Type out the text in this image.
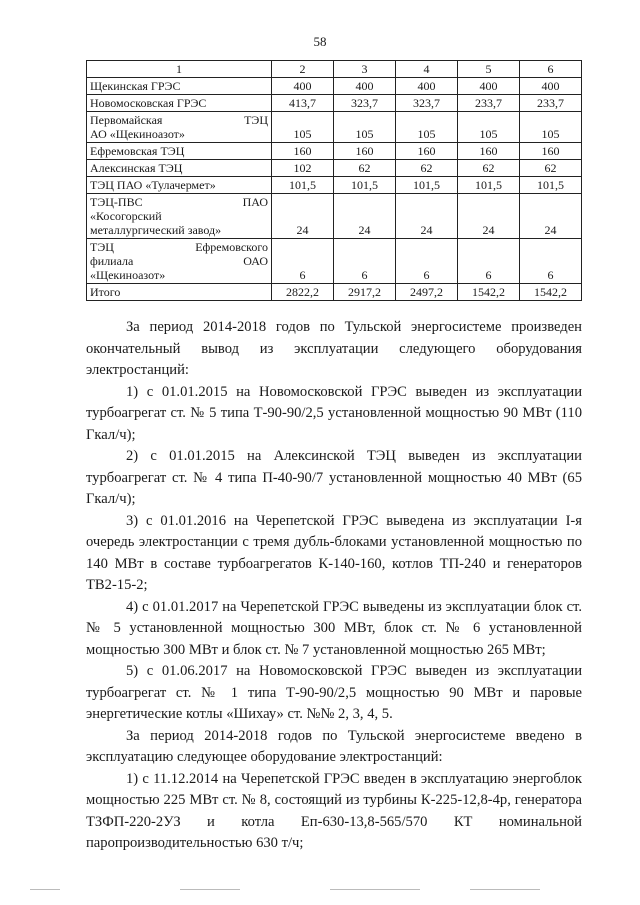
58
1	2	3	4	5	6

Щекинская ГРЭС	400	400	400	400	400

Новомосковская ГРЭС	413,7	323,7	323,7	233,7	233,7

Первомайская ТЭЦ
АО «Щекиноазот»	105	105	105	105	105

Ефремовская ТЭЦ	160	160	160	160	160

Алексинская ТЭЦ	102	62	62	62	62

ТЭЦ ПАО «Тулачермет»	101,5	101,5	101,5	101,5	101,5

ТЭЦ-ПВС ПАО
«Косогорский
металлургический завод»	24	24	24	24	24

ТЭЦ Ефремовского
филиала ОАО
«Щекиноазот»	6	6	6	6	6

Итого	2822,2	2917,2	2497,2	1542,2	1542,2

За период 2014-2018 годов по Тульской энергосистеме произведен окончательный вывод из эксплуатации следующего оборудования электростанций:

1) с 01.01.2015 на Новомосковской ГРЭС выведен из эксплуатации турбоагрегат ст. № 5 типа Т-90-90/2,5 установленной мощностью 90 МВт (110 Гкал/ч);

2) с 01.01.2015 на Алексинской ТЭЦ выведен из эксплуатации турбоагрегат ст. № 4 типа П-40-90/7 установленной мощностью 40 МВт (65 Гкал/ч);

3) с 01.01.2016 на Черепетской ГРЭС выведена из эксплуатации I-я очередь электростанции с тремя дубль-блоками установленной мощностью по 140 МВт в составе турбоагрегатов К-140-160, котлов ТП-240 и генераторов ТВ2-15-2;

4) с 01.01.2017 на Черепетской ГРЭС выведены из эксплуатации блок ст. № 5 установленной мощностью 300 МВт, блок ст. № 6 установленной мощностью 300 МВт и блок ст. № 7 установленной мощностью 265 МВт;

5) с 01.06.2017 на Новомосковской ГРЭС выведен из эксплуатации турбоагрегат ст. № 1 типа Т-90-90/2,5 мощностью 90 МВт и паровые энергетические котлы «Шихау» ст. №№ 2, 3, 4, 5.

За период 2014-2018 годов по Тульской энергосистеме введено в эксплуатацию следующее оборудование электростанций:

1) с 11.12.2014 на Черепетской ГРЭС введен в эксплуатацию энергоблок мощностью 225 МВт ст. № 8, состоящий из турбины К-225-12,8-4р, генератора ТЗФП-220-2УЗ и котла Еп-630-13,8-565/570 КТ номинальной паропроизводительностью 630 т/ч;
